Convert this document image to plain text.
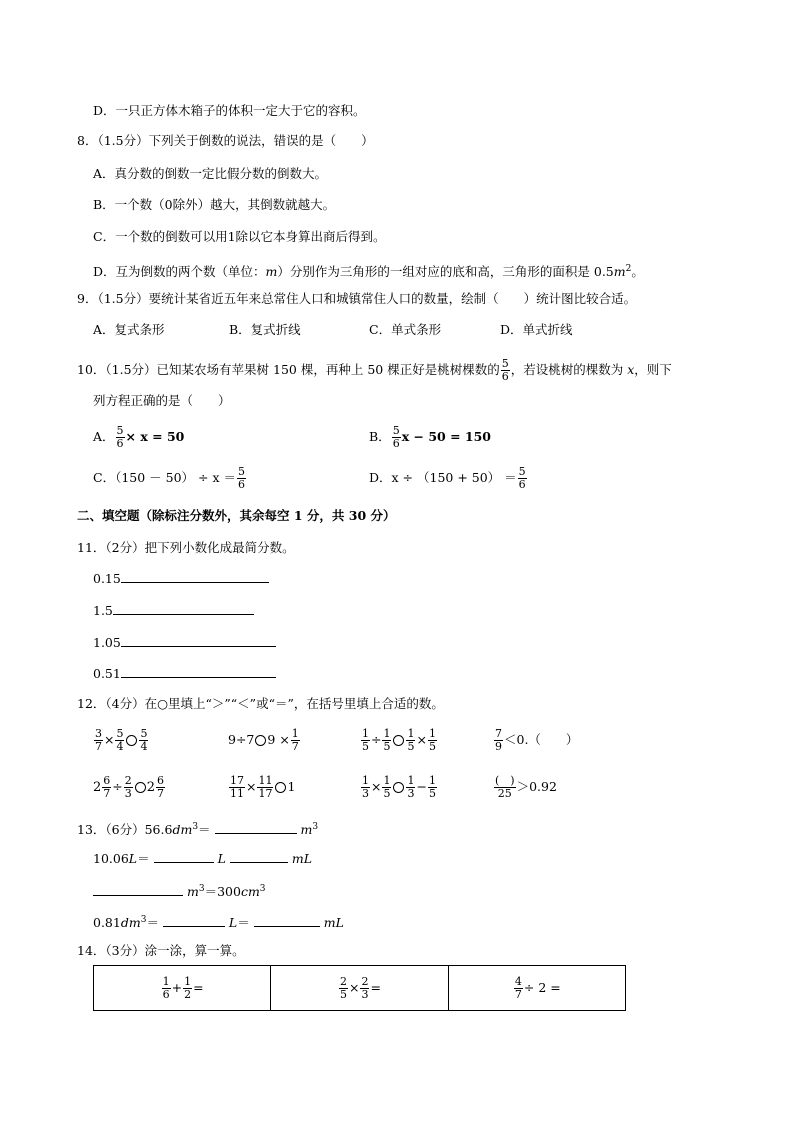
D．一只正方体木箱子的体积一定大于它的容积。
8．（1.5分）下列关于倒数的说法，错误的是（　　）
A．真分数的倒数一定比假分数的倒数大。
B．一个数（0除外）越大，其倒数就越大。
C．一个数的倒数可以用1除以它本身算出商后得到。
D．互为倒数的两个数（单位：m）分别作为三角形的一组对应的底和高，三角形的面积是 $0.5m^2$。
9．（1.5分）要统计某省近五年来总常住人口和城镇常住人口的数量，绘制（　　）统计图比较合适。
A．复式条形	B．复式折线	C．单式条形	D．单式折线
10．（1.5分）已知某农场有苹果树 150 棵，再种上 50 棵正好是桃树棵数的 $\frac{5}{6}$ ，若设桃树的棵数为 x，则下
列方程正确的是（　　）
A． $\frac{5}{6} \times x = 50$	B． $\frac{5}{6}$ x − 50 = 150
C．$(150 - 50) \div x = \frac{5}{6}$	D．$x \div (150 + 50) = \frac{5}{6}$
二、填空题（除标注分数外，其余每空 1 分，共 30 分）
11．（2分）把下列小数化成最简分数。
0.15
1.5
1.05
0.51
12．（4分）在○里填上“＞”“＜”或“＝”，在括号里填上合适的数。
$\frac{3}{7} \times \frac{5}{4} \frac{5}{4}$	9÷7 $9 \times \frac{1}{7}$	$\frac{1}{5} \div \frac{1}{5} \frac{1}{5} \times \frac{1}{5}$	$\frac{7}{9} <0$.（　　）
$2 \frac{6}{7} \div \frac{2}{3} 2 \frac{6}{7}$	$\frac{17}{11} \times \frac{11}{17} 1$	$\frac{1}{3} \times \frac{1}{5} \frac{1}{3} - \frac{1}{5}$	$\frac{( )}{25} >0.92$
13．（6分）$56.6dm^3=$	$m^3$
10.06L＝	L	mL
$m^3=300cm^3$
$0.81dm^3=$	L＝	mL
14．（3分）涂一涂，算一算。
$\frac{1}{6} + \frac{1}{2}$ =	$\frac{2}{5} \times \frac{2}{3}$ =	$\frac{4}{7} \div 2$ =
